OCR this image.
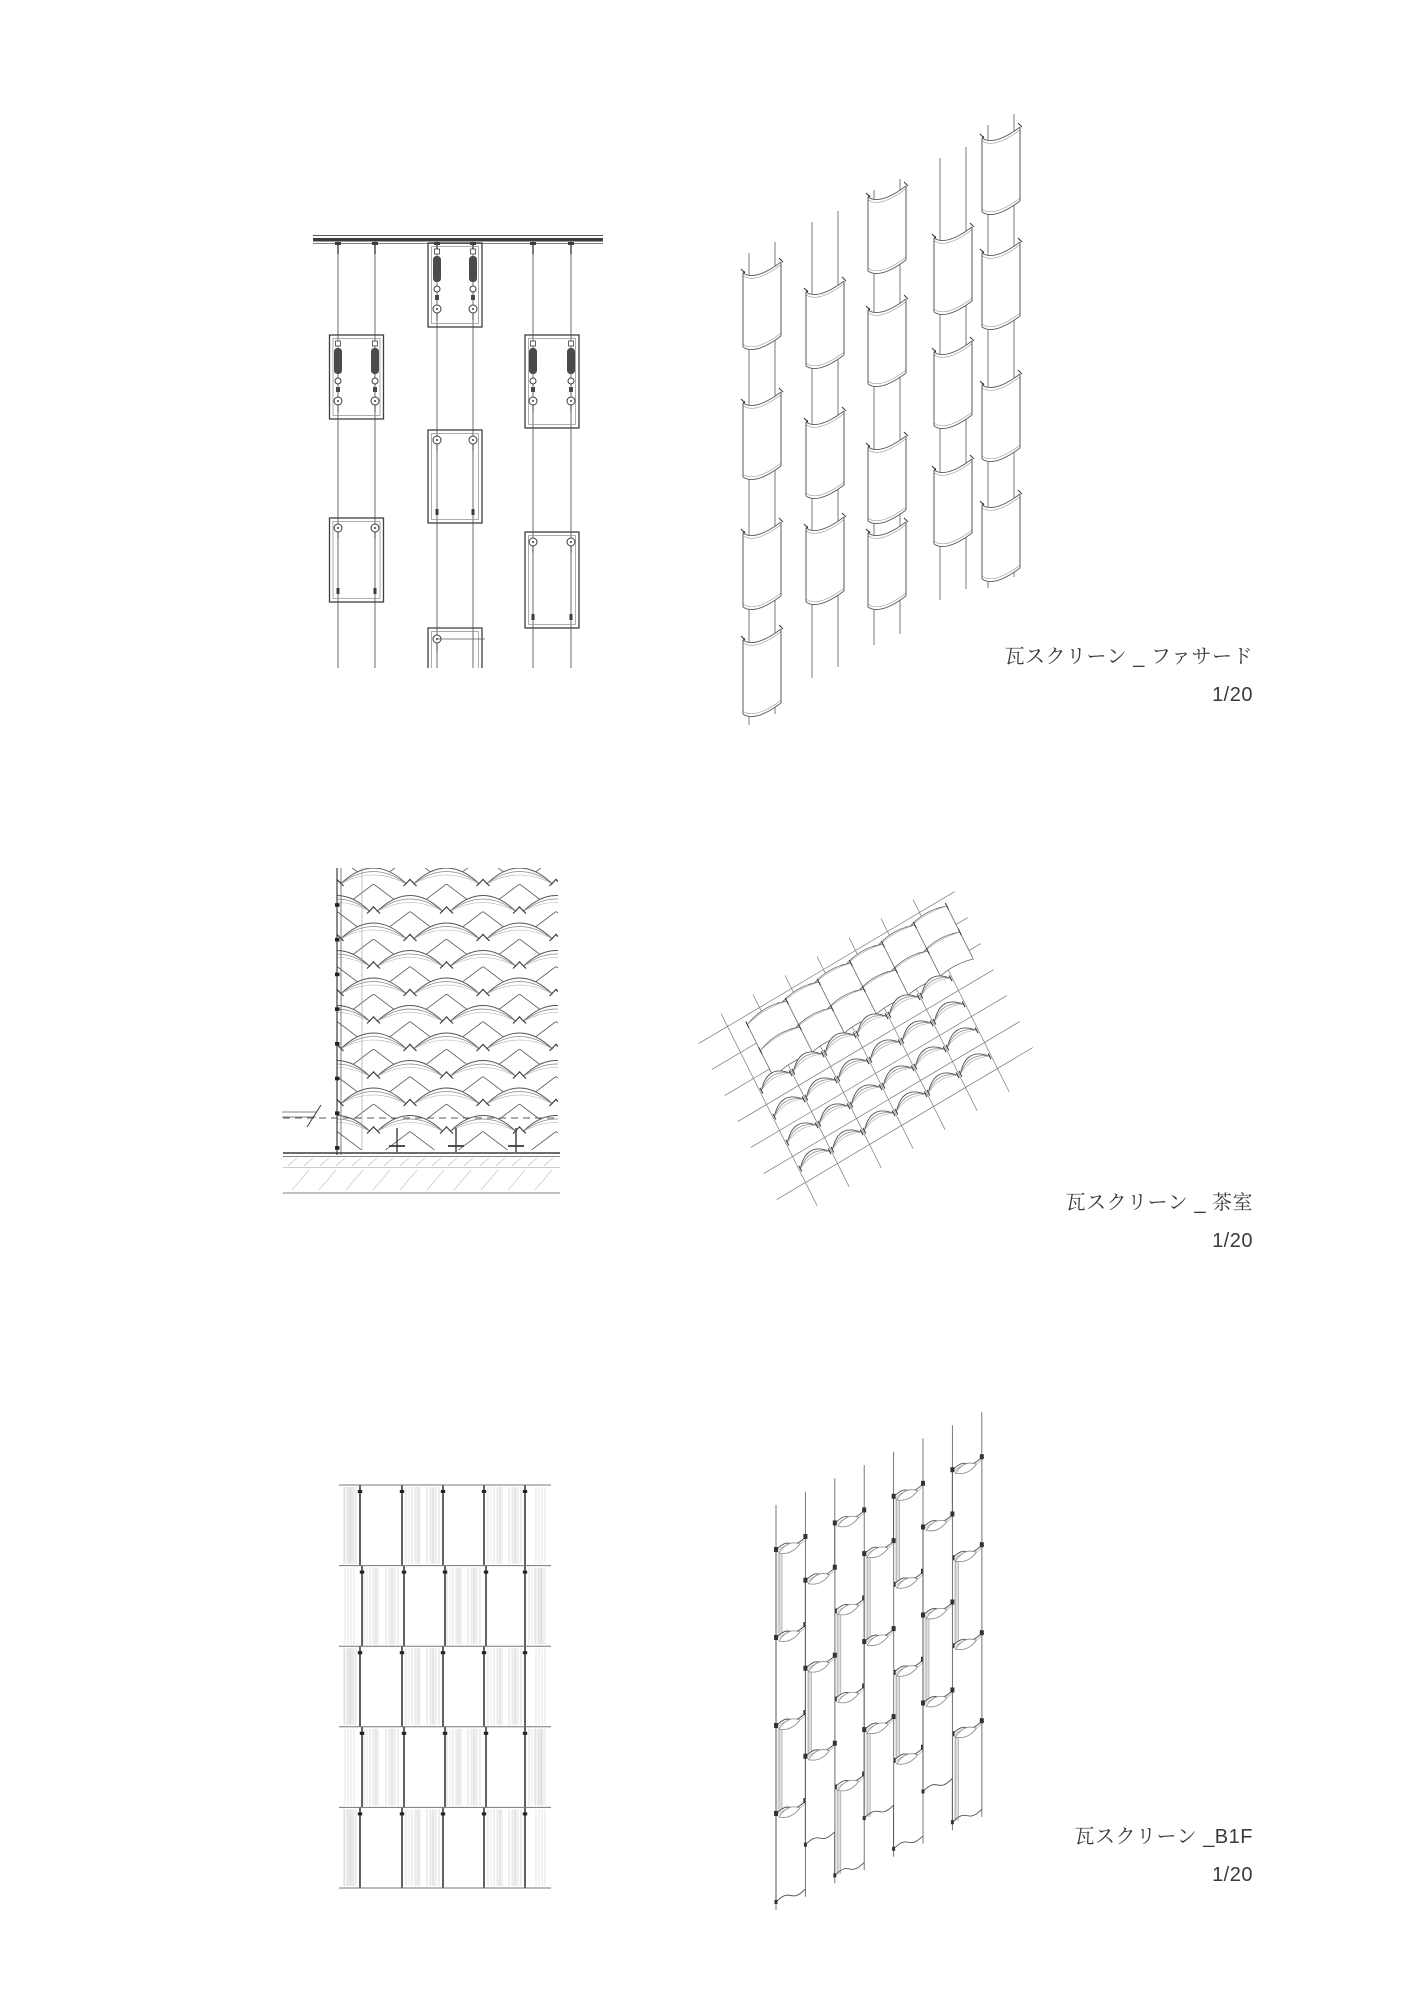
瓦スクリーン _ ファサード
1/20
瓦スクリーン _ 茶室
1/20
瓦スクリーン _B1F
1/20
